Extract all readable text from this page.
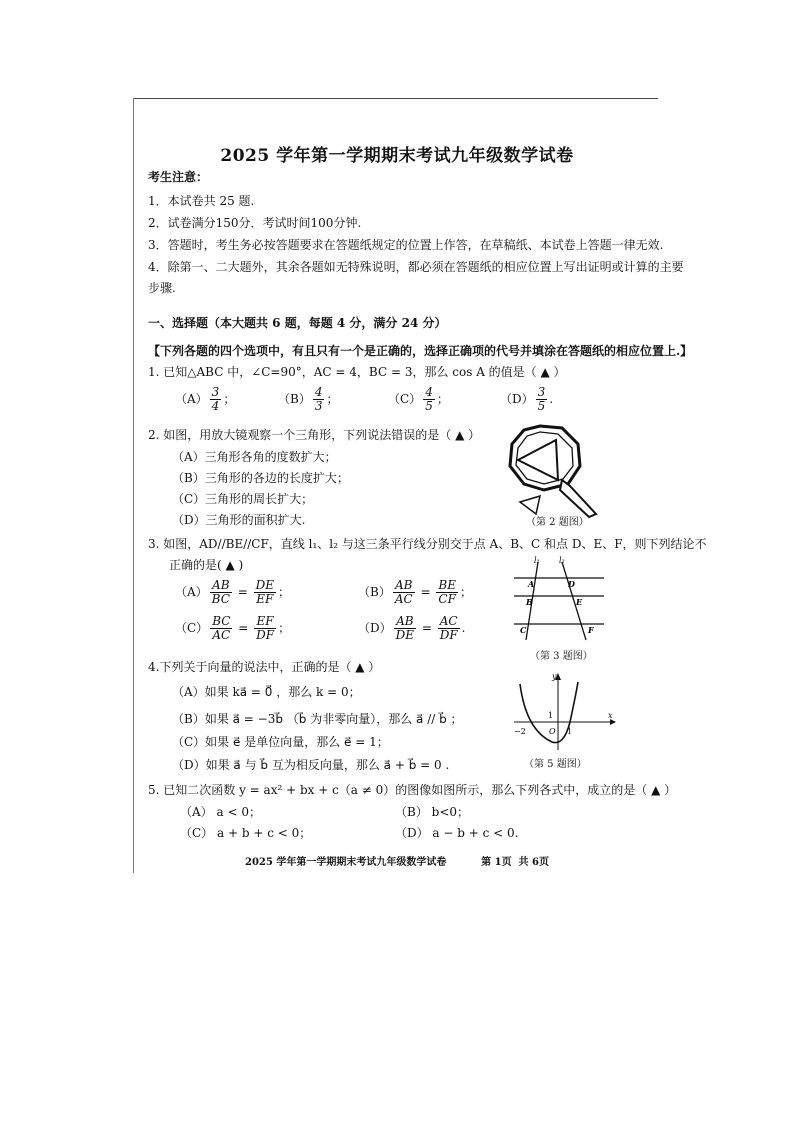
2025 学年第一学期期末考试九年级数学试卷
考生注意：
1．本试卷共 25 题.
2．试卷满分150分．考试时间100分钟.
3．答题时，考生务必按答题要求在答题纸规定的位置上作答，在草稿纸、本试卷上答题一律无效.
4．除第一、二大题外，其余各题如无特殊说明，都必须在答题纸的相应位置上写出证明或计算的主要
步骤.
一、选择题（本大题共 6 题，每题 4 分，满分 24 分）
【下列各题的四个选项中，有且只有一个是正确的，选择正确项的代号并填涂在答题纸的相应位置上.】
1. 已知△ABC 中，∠C=90°，AC = 4，BC = 3，那么 cos A 的值是（ ▲ ）
$(A) \frac{3}{4}$ ；	$(B) \frac{4}{3}$ ；	$(C) \frac{4}{5}$ ；	$(D) \frac{3}{5}$ .
2. 如图，用放大镜观察一个三角形，下列说法错误的是（ ▲ ）
（A）三角形各角的度数扩大；
（B）三角形的各边的长度扩大；
（C）三角形的周长扩大；
（D）三角形的面积扩大.	（第 2 题图）
3. 如图，AD//BE//CF，直线 l₁、l₂ 与这三条平行线分别交于点 A、B、C 和点 D、E、F，则下列结论不
正确的是( ▲ )
$(A) \frac{AB}{BC} = \frac{DE}{EF}$ ；	$(B) \frac{AB}{AC} = \frac{BE}{CF}$ ；
$(C) \frac{BC}{AC} = \frac{EF}{DF}$ ；	$(D) \frac{AB}{DE} = \frac{AC}{DF}$ .
l₁ l₂
A	D
B	E
C	F
（第 3 题图）
4.下列关于向量的说法中，正确的是（ ▲ ）
（A）如果 ka⃗ = 0⃗ ，那么 k = 0；
（B）如果 a⃗ = −3b⃗ （b⃗ 为非零向量），那么 a⃗ // b⃗ ；
（C）如果 e⃗ 是单位向量，那么 e⃗ = 1；
（D）如果 a⃗ 与 b⃗ 互为相反向量，那么 a⃗ + b⃗ = 0 .
y
x
1
−2	O 1
（第 5 题图）
5. 已知二次函数 y = ax² + bx + c（a ≠ 0）的图像如图所示，那么下列各式中，成立的是（ ▲ ）
（A） a < 0；	（B） b<0；
（C） a + b + c < 0；	（D） a − b + c < 0.
2025 学年第一学期期末考试九年级数学试卷          第 1页  共 6页
